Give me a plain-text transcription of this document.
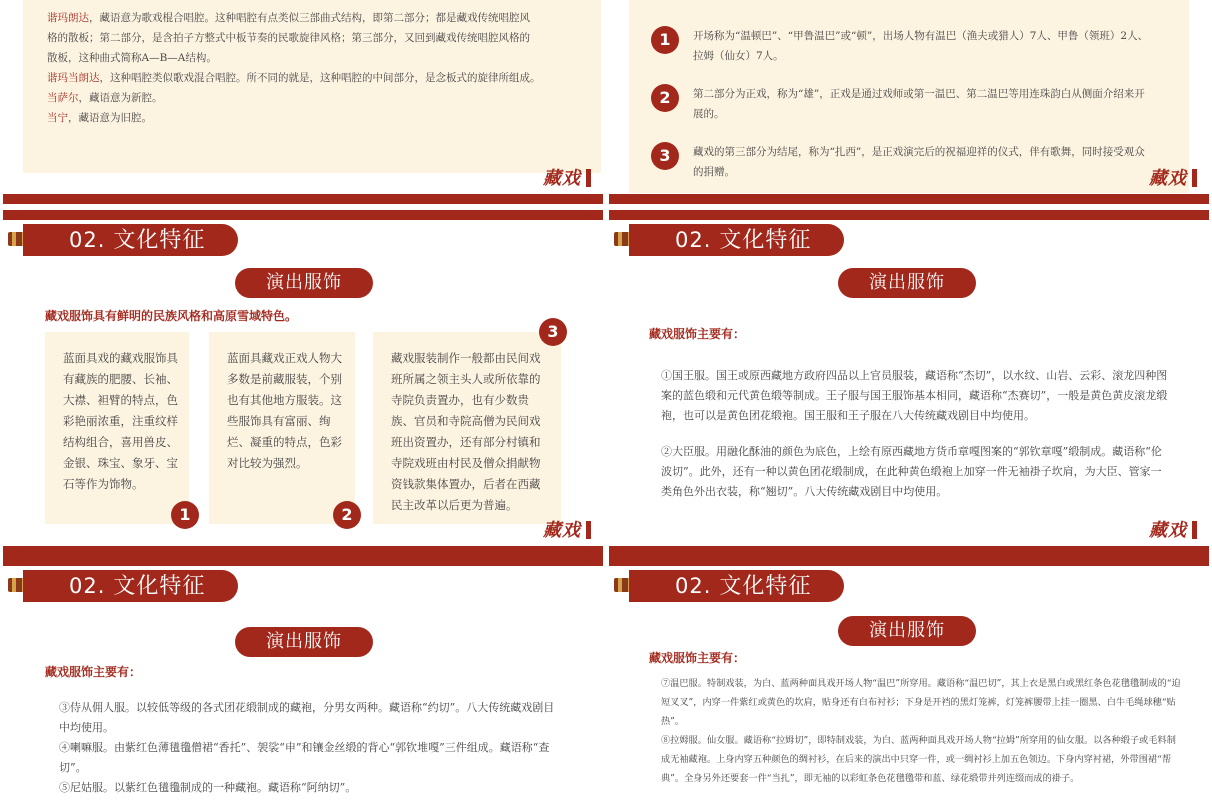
谐玛朗达，藏语意为歌戏棍合唱腔。这种唱腔有点类似三部曲式结构，即第二部分；都是藏戏传统唱腔风
格的散板；第二部分，是含拍子方整式中板节奏的民歌旋律风格；第三部分，又回到藏戏传统唱腔风格的
散板，这种曲式简称A—B—A结构。
谐玛当朗达，这种唱腔类似歌戏混合唱腔。所不同的就是，这种唱腔的中间部分，是念板式的旋律所组成。
当萨尔，藏语意为新腔。
当宁，藏语意为旧腔。
藏戏
1	开场称为“温顿巴”、“甲鲁温巴”或“顿”，出场人物有温巴（渔夫或猎人）7人、甲鲁（领班）2人、拉姆（仙女）7人。
2	第二部分为正戏，称为“雄”，正戏是通过戏师或第一温巴、第二温巴等用连珠韵白从侧面介绍来开展的。
3	藏戏的第三部分为结尾，称为“扎西”，是正戏演完后的祝福迎祥的仪式，伴有歌舞，同时接受观众的捐赠。	藏戏
02. 文化特征
演出服饰
藏戏服饰具有鲜明的民族风格和高原雪域特色。
蓝面具戏的藏戏服饰具有藏族的肥腰、长袖、大襟、袒臂的特点，色彩艳丽浓重，注重纹样结构组合，喜用兽皮、金银、珠宝、象牙、宝石等作为饰物。
1
蓝面具藏戏正戏人物大多数是前藏服装，个别也有其他地方服装。这些服饰具有富丽、绚烂、凝重的特点，色彩对比较为强烈。
2
藏戏服装制作一般都由民间戏班所属之领主头人或所依靠的寺院负责置办，也有少数贵族、官员和寺院高僧为民间戏班出资置办，还有部分村镇和寺院戏班由村民及僧众捐献物资钱款集体置办，后者在西藏民主改革以后更为普遍。
3
藏戏
02. 文化特征
演出服饰
藏戏服饰主要有：
①国王服。国王或原西藏地方政府四品以上官员服装，藏语称“杰切”，以水纹、山岩、云彩、滚龙四种图案的蓝色缎和元代黄色缎等制成。王子服与国王服饰基本相同，藏语称“杰赛切”，一般是黄色黄皮滚龙缎袍，也可以是黄色团花缎袍。国王服和王子服在八大传统藏戏剧目中均使用。
②大臣服。用融化酥油的颜色为底色，上绘有原西藏地方货币章嘎图案的“郭钦章嘎”缎制成。藏语称“伦波切”。此外，还有一种以黄色团花缎制成，在此种黄色缎袍上加穿一件无袖褂子坎肩，为大臣、管家一类角色外出衣装，称“翘切”。八大传统藏戏剧目中均使用。
藏戏
02. 文化特征
演出服饰
藏戏服饰主要有：
③侍从佣人服。以较低等级的各式团花缎制成的藏袍，分男女两种。藏语称“约切”。八大传统藏戏剧目中均使用。
④喇嘛服。由紫红色薄氆氇僧裙“香托”、袈裟“申”和镶金丝缎的背心“郭钦堆嘎”三件组成。藏语称“查切”。
⑤尼姑服。以紫红色氆氇制成的一种藏袍。藏语称“阿纳切”。
02. 文化特征
演出服饰
藏戏服饰主要有：
⑦温巴服。特制戏装，为白、蓝两种面具戏开场人物“温巴”所穿用。藏语称“温巴切”，其上衣是黑白或黑红条色花氆氇制成的“迫短叉叉”，内穿一件紫红或黄色的坎肩，贴身还有白布衬衫；下身是开裆的黑灯笼裤，灯笼裤腰带上挂一圈黑、白牛毛绳球穗“贴热”。
⑧拉姆服。仙女服。藏语称“拉姆切”，即特制戏装，为白、蓝两种面具戏开场人物“拉姆”所穿用的仙女服。以各种缎子或毛料制成无袖藏袍。上身内穿五种颜色的绸衬衫，在后来的演出中只穿一件，或一绸衬衫上加五色领边。下身内穿衬裙，外带围裙“帮典”。全身另外还要套一件“当扎”，即无袖的以彩虹条色花氆氇带和蓝、绿花缎带并列连缀而成的褂子。
